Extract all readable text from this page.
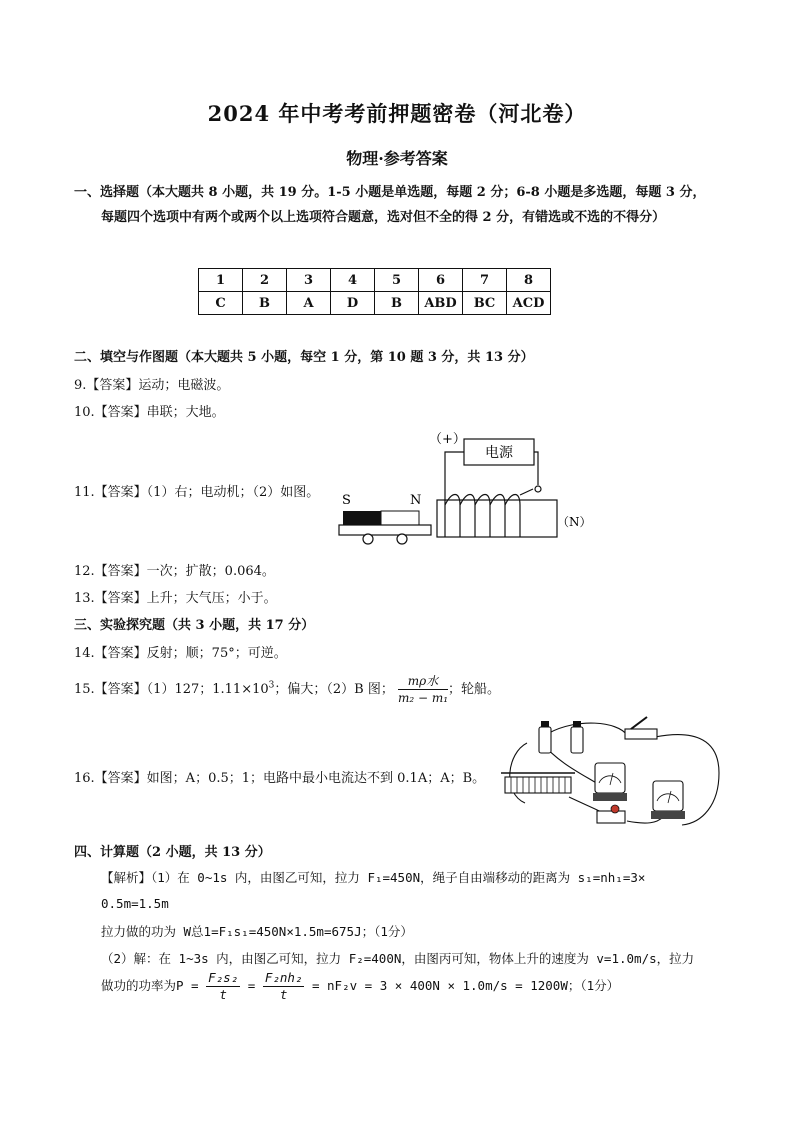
2024 年中考考前押题密卷（河北卷）
物理·参考答案
一、选择题（本大题共 8 小题，共 19 分。1-5 小题是单选题，每题 2 分；6-8 小题是多选题，每题 3 分，
每题四个选项中有两个或两个以上选项符合题意，选对但不全的得 2 分，有错选或不选的不得分）
1	2	3	4	5	6	7	8
C	B	A	D	B	ABD	BC	ACD
二、填空与作图题（本大题共 5 小题，每空 1 分，第 10 题 3 分，共 13 分）
9.【答案】运动；电磁波。
10.【答案】串联；大地。
11.【答案】（1）右；电动机；（2）如图。
（+）
电源
（N）
S	N
12.【答案】一次；扩散；0.064。
13.【答案】上升；大气压；小于。
三、实验探究题（共 3 小题，共 17 分）
14.【答案】反射；顺；75°；可逆。
15.【答案】（1）127；$1.11\times 10^3$；偏大；（2）B 图； $\frac{\text{mρ水}}{\text{m₂ − m₁}}$ ；轮船。
16.【答案】如图；A；0.5；1；电路中最小电流达不到 0.1A；A；B。
四、计算题（2 小题，共 13 分）
【解析】（1）在 0~1s 内，由图乙可知，拉力 F₁=450N，绳子自由端移动的距离为 s₁=nh₁=3×
0.5m=1.5m
拉力做的功为 W总1=F₁s₁=450N×1.5m=675J；（1分）
（2）解：在 1~3s 内，由图乙可知，拉力 F₂=400N，由图丙可知，物体上升的速度为 v=1.0m/s，拉力
做功的功率为$P = \frac{\text{F₂s₂}}{t} = \frac{\text{F₂nh₂}}{t} = nF_2v = 3 \times 400N \times 1.0m/s = 1200W$；（1分）
